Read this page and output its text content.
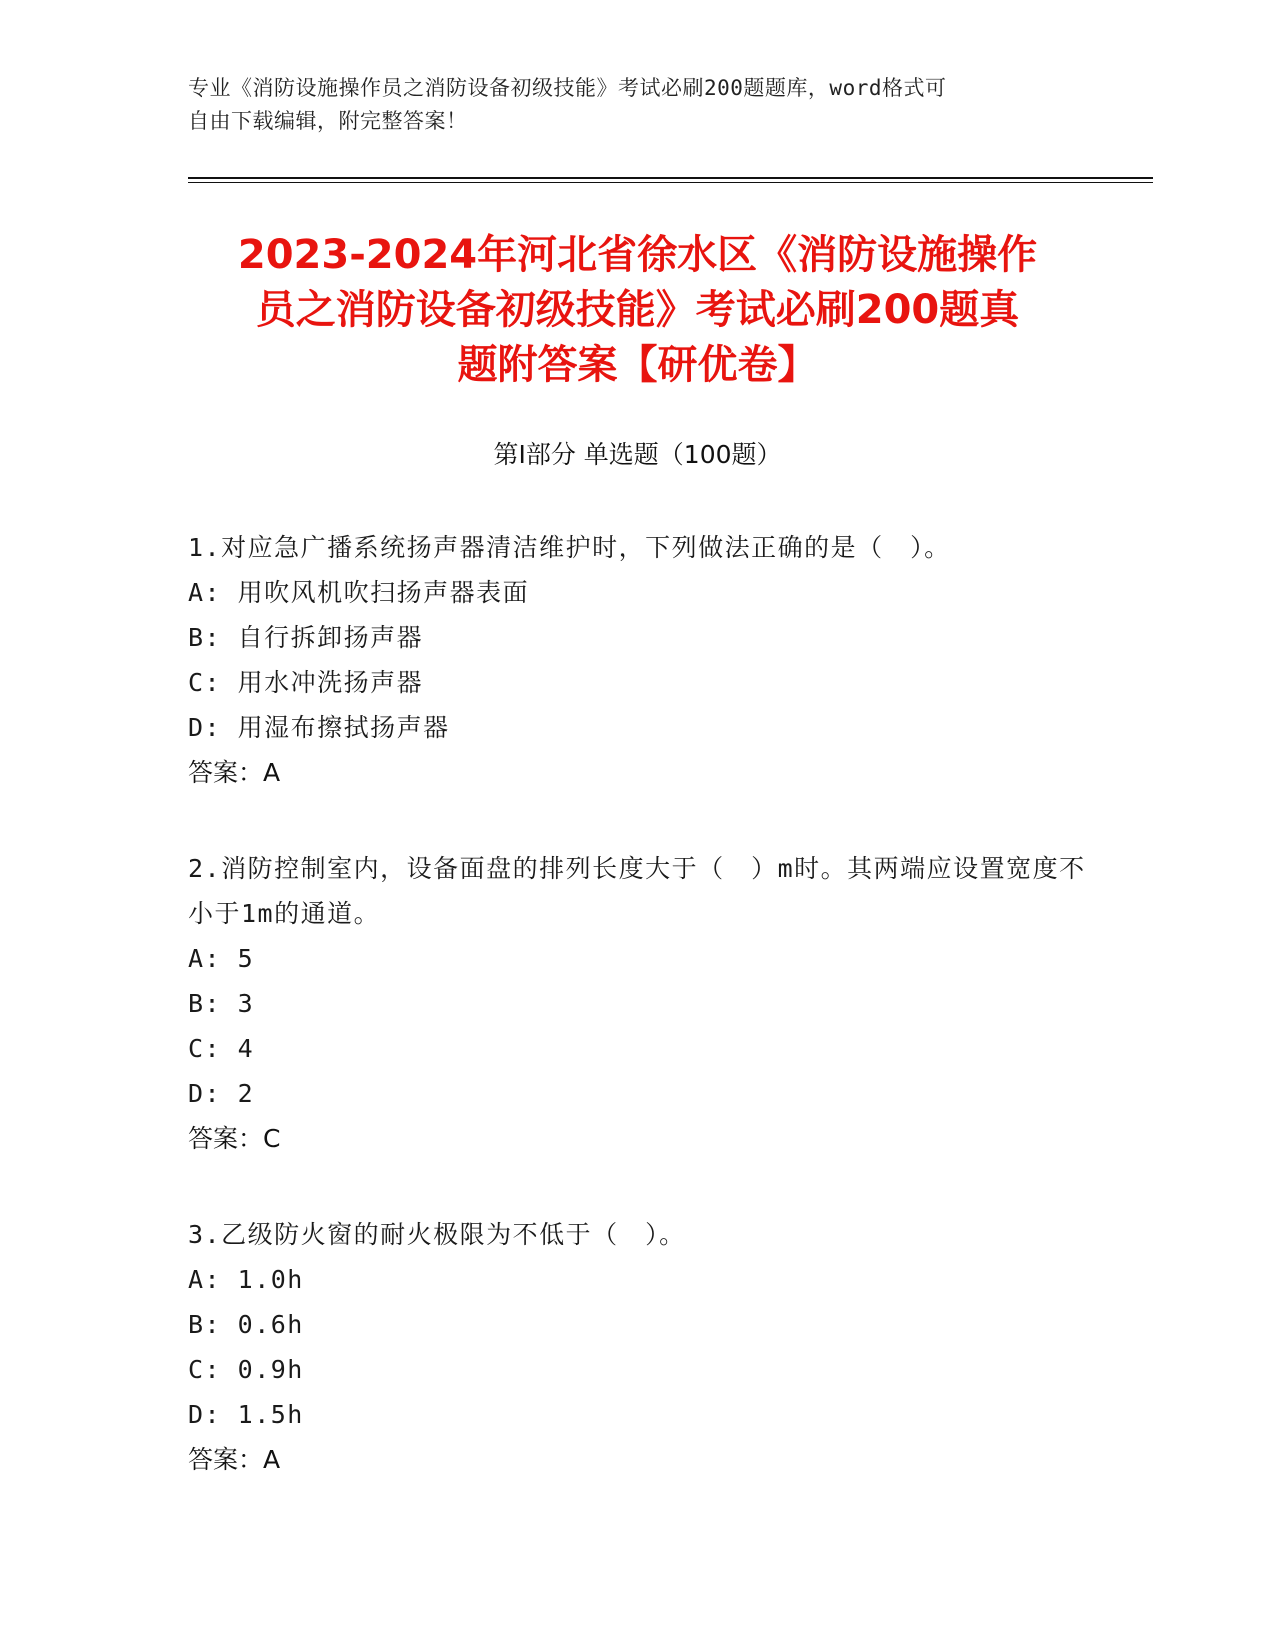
专业《消防设施操作员之消防设备初级技能》考试必刷200题题库，word格式可
自由下载编辑，附完整答案！
2023-2024年河北省徐水区《消防设施操作
员之消防设备初级技能》考试必刷200题真
题附答案【研优卷】
第Ⅰ部分 单选题（100题）
1.对应急广播系统扬声器清洁维护时，下列做法正确的是（　）。
A: 用吹风机吹扫扬声器表面
B: 自行拆卸扬声器
C: 用水冲洗扬声器
D: 用湿布擦拭扬声器
答案：A
2.消防控制室内，设备面盘的排列长度大于（　）m时。其两端应设置宽度不小于1m的通道。
A: 5
B: 3
C: 4
D: 2
答案：C
3.乙级防火窗的耐火极限为不低于（　）。
A: 1.0h
B: 0.6h
C: 0.9h
D: 1.5h
答案：A
